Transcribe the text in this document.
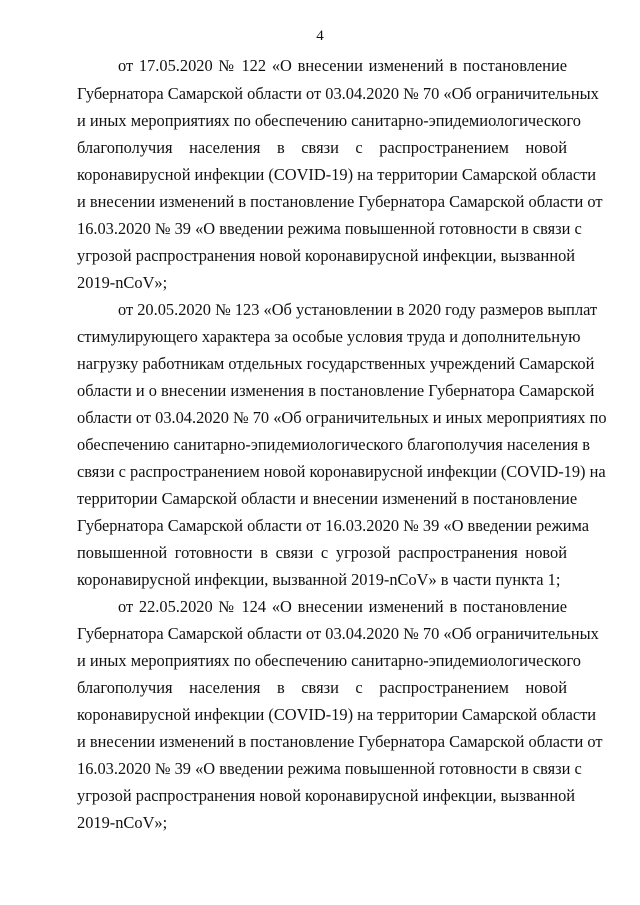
4
от 17.05.2020 № 122 «О внесении изменений в постановление
Губернатора Самарской области от 03.04.2020 № 70 «Об ограничительных
и иных мероприятиях по обеспечению санитарно-эпидемиологического
благополучия населения в связи с распространением новой
коронавирусной инфекции (COVID-19) на территории Самарской области
и внесении изменений в постановление Губернатора Самарской области от
16.03.2020 № 39 «О введении режима повышенной готовности в связи с
угрозой распространения новой коронавирусной инфекции, вызванной
2019-nCoV»;
от 20.05.2020 № 123 «Об установлении в 2020 году размеров выплат
стимулирующего характера за особые условия труда и дополнительную
нагрузку работникам отдельных государственных учреждений Самарской
области и о внесении изменения в постановление Губернатора Самарской
области от 03.04.2020 № 70 «Об ограничительных и иных мероприятиях по
обеспечению санитарно-эпидемиологического благополучия населения в
связи с распространением новой коронавирусной инфекции (COVID-19) на
территории Самарской области и внесении изменений в постановление
Губернатора Самарской области от 16.03.2020 № 39 «О введении режима
повышенной готовности в связи с угрозой распространения новой
коронавирусной инфекции, вызванной 2019-nCoV» в части пункта 1;
от 22.05.2020 № 124 «О внесении изменений в постановление
Губернатора Самарской области от 03.04.2020 № 70 «Об ограничительных
и иных мероприятиях по обеспечению санитарно-эпидемиологического
благополучия населения в связи с распространением новой
коронавирусной инфекции (COVID-19) на территории Самарской области
и внесении изменений в постановление Губернатора Самарской области от
16.03.2020 № 39 «О введении режима повышенной готовности в связи с
угрозой распространения новой коронавирусной инфекции, вызванной
2019-nCoV»;
